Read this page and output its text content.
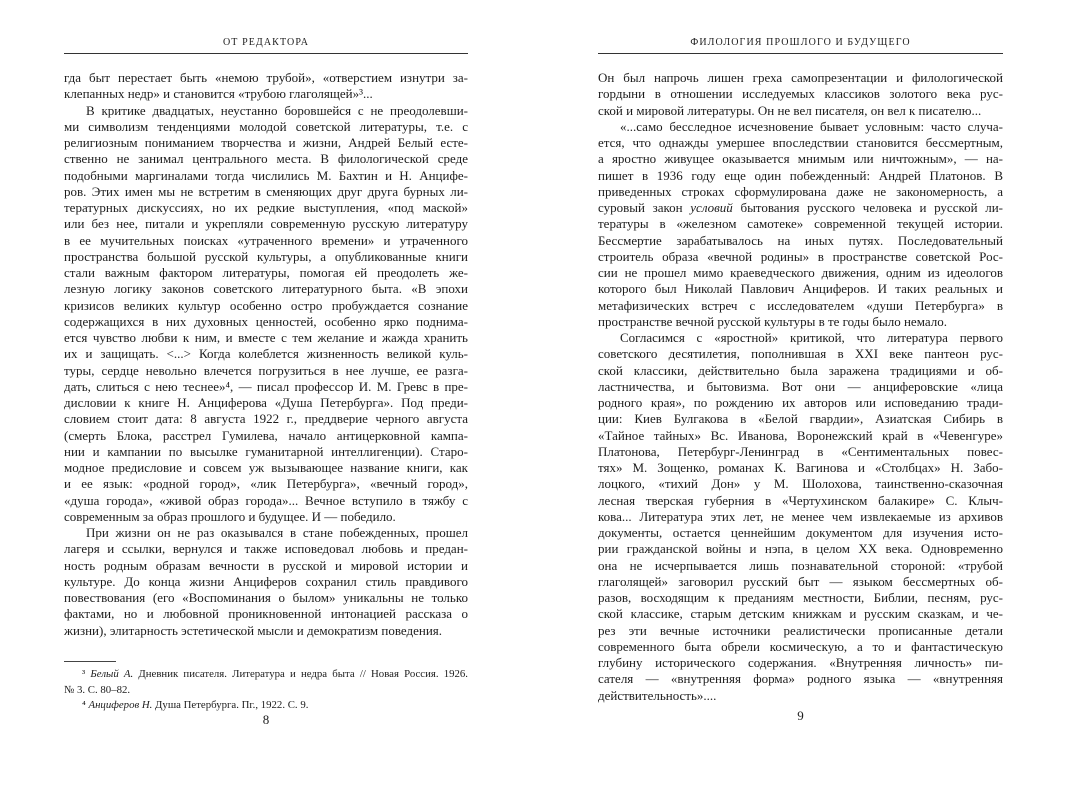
ОТ РЕДАКТОРА

гда быт перестает быть «немою трубой», «отверстием изнутри за-
клепанных недр» и становится «трубою глаголящей»³...

В критике двадцатых, неустанно боровшейся с не преодолевши-
ми символизм тенденциями молодой советской литературы, т.е. с
религиозным пониманием творчества и жизни, Андрей Белый есте-
ственно не занимал центрального места. В филологической среде
подобными маргиналами тогда числились М. Бахтин и Н. Анцифе-
ров. Этих имен мы не встретим в сменяющих друг друга бурных ли-
тературных дискуссиях, но их редкие выступления, «под маской»
или без нее, питали и укрепляли современную русскую литературу
в ее мучительных поисках «утраченного времени» и утраченного
пространства большой русской культуры, а опубликованные книги
стали важным фактором литературы, помогая ей преодолеть же-
лезную логику законов советского литературного быта. «В эпохи
кризисов великих культур особенно остро пробуждается сознание
содержащихся в них духовных ценностей, особенно ярко поднима-
ется чувство любви к ним, и вместе с тем желание и жажда хранить
их и защищать. <...> Когда колеблется жизненность великой куль-
туры, сердце невольно влечется погрузиться в нее лучше, ее разга-
дать, слиться с нею теснее»⁴, — писал профессор И. М. Гревс в пре-
дисловии к книге Н. Анциферова «Душа Петербурга». Под преди-
словием стоит дата: 8 августа 1922 г., преддверие черного августа
(смерть Блока, расстрел Гумилева, начало антицерковной кампа-
нии и кампании по высылке гуманитарной интеллигенции). Старо-
модное предисловие и совсем уж вызывающее название книги, как
и ее язык: «родной город», «лик Петербурга», «вечный город»,
«душа города», «живой образ города»... Вечное вступило в тяжбу с
современным за образ прошлого и будущее. И — победило.

При жизни он не раз оказывался в стане побежденных, прошел
лагеря и ссылки, вернулся и также исповедовал любовь и предан-
ность родным образам вечности в русской и мировой истории и
культуре. До конца жизни Анциферов сохранил стиль правдивого
повествования (его «Воспоминания о былом» уникальны не только
фактами, но и любовной проникновенной интонацией рассказа о
жизни), элитарность эстетической мысли и демократизм поведения.

³ Белый А. Дневник писателя. Литература и недра быта // Новая Россия. 1926.
№ 3. С. 80–82.

⁴ Анциферов Н. Душа Петербурга. Пг., 1922. С. 9.

8
ФИЛОЛОГИЯ ПРОШЛОГО И БУДУЩЕГО

Он был напрочь лишен греха самопрезентации и филологической
гордыни в отношении исследуемых классиков золотого века рус-
ской и мировой литературы. Он не вел писателя, он вел к писателю...

«...само бесследное исчезновение бывает условным: часто случа-
ется, что однажды умершее впоследствии становится бессмертным,
а яростно живущее оказывается мнимым или ничтожным», — на-
пишет в 1936 году еще один побежденный: Андрей Платонов. В
приведенных строках сформулирована даже не закономерность, а
суровый закон условий бытования русского человека и русской ли-
тературы в «железном самотеке» современной текущей истории.
Бессмертие зарабатывалось на иных путях. Последовательный
строитель образа «вечной родины» в пространстве советской Рос-
сии не прошел мимо краеведческого движения, одним из идеологов
которого был Николай Павлович Анциферов. И таких реальных и
метафизических встреч с исследователем «души Петербурга» в
пространстве вечной русской культуры в те годы было немало.

Согласимся с «яростной» критикой, что литература первого
советского десятилетия, пополнившая в XXI веке пантеон рус-
ской классики, действительно была заражена традициями и об-
ластничества, и бытовизма. Вот они — анциферовские «лица
родного края», по рождению их авторов или исповеданию тради-
ции: Киев Булгакова в «Белой гвардии», Азиатская Сибирь в
«Тайное тайных» Вс. Иванова, Воронежский край в «Чевенгуре»
Платонова, Петербург-Ленинград в «Сентиментальных повес-
тях» М. Зощенко, романах К. Вагинова и «Столбцах» Н. Забо-
лоцкого, «тихий Дон» у М. Шолохова, таинственно-сказочная
лесная тверская губерния в «Чертухинском балакире» С. Клыч-
кова... Литература этих лет, не менее чем извлекаемые из архивов
документы, остается ценнейшим документом для изучения исто-
рии гражданской войны и нэпа, в целом XX века. Одновременно
она не исчерпывается лишь познавательной стороной: «трубой
глаголящей» заговорил русский быт — языком бессмертных об-
разов, восходящим к преданиям местности, Библии, песням, рус-
ской классике, старым детским книжкам и русским сказкам, и че-
рез эти вечные источники реалистически прописанные детали
современного быта обрели космическую, а то и фантастическую
глубину исторического содержания. «Внутренняя личность» пи-
сателя — «внутренняя форма» родного языка — «внутренняя
действительность»....

9
